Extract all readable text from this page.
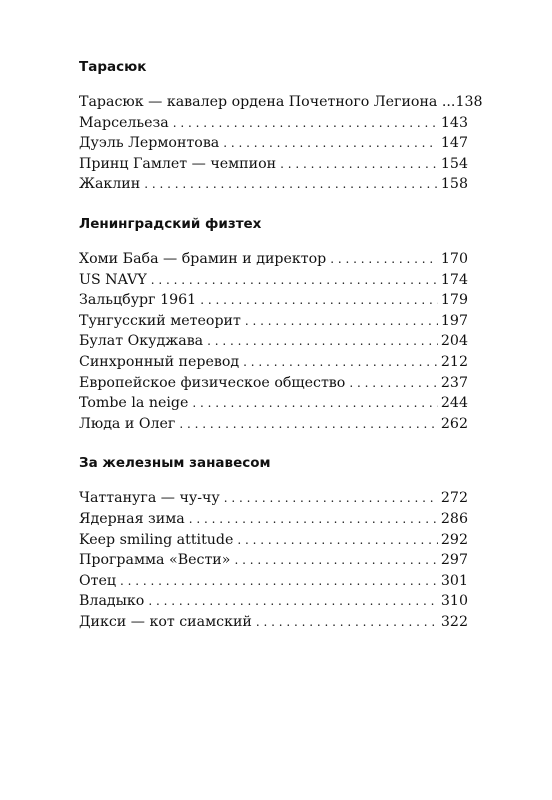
Тарасюк
Тарасюк — кавалер ордена Почетного Легиона ... 138
Марсельеза . . .	143
Дуэль Лермонтова . . .	147
Принц Гамлет — чемпион . . .	154
Жаклин . . .	158
Ленинградский физтех
Хоми Баба — брамин и директор . . .	170
US NAVY . . .	174
Зальцбург 1961 . . .	179
Тунгусский метеорит . . .	197
Булат Окуджава . . .	204
Синхронный перевод . . .	212
Европейское физическое общество . . .	237
Tombe la neige . . .	244
Люда и Олег . . .	262
За железным занавесом
Чаттануга — чу-чу . . .	272
Ядерная зима . . .	286
Keep smiling attitude . . .	292
Программа «Вести» . . .	297
Отец . . .	301
Владыко . . .	310
Дикси — кот сиамский . . .	322
